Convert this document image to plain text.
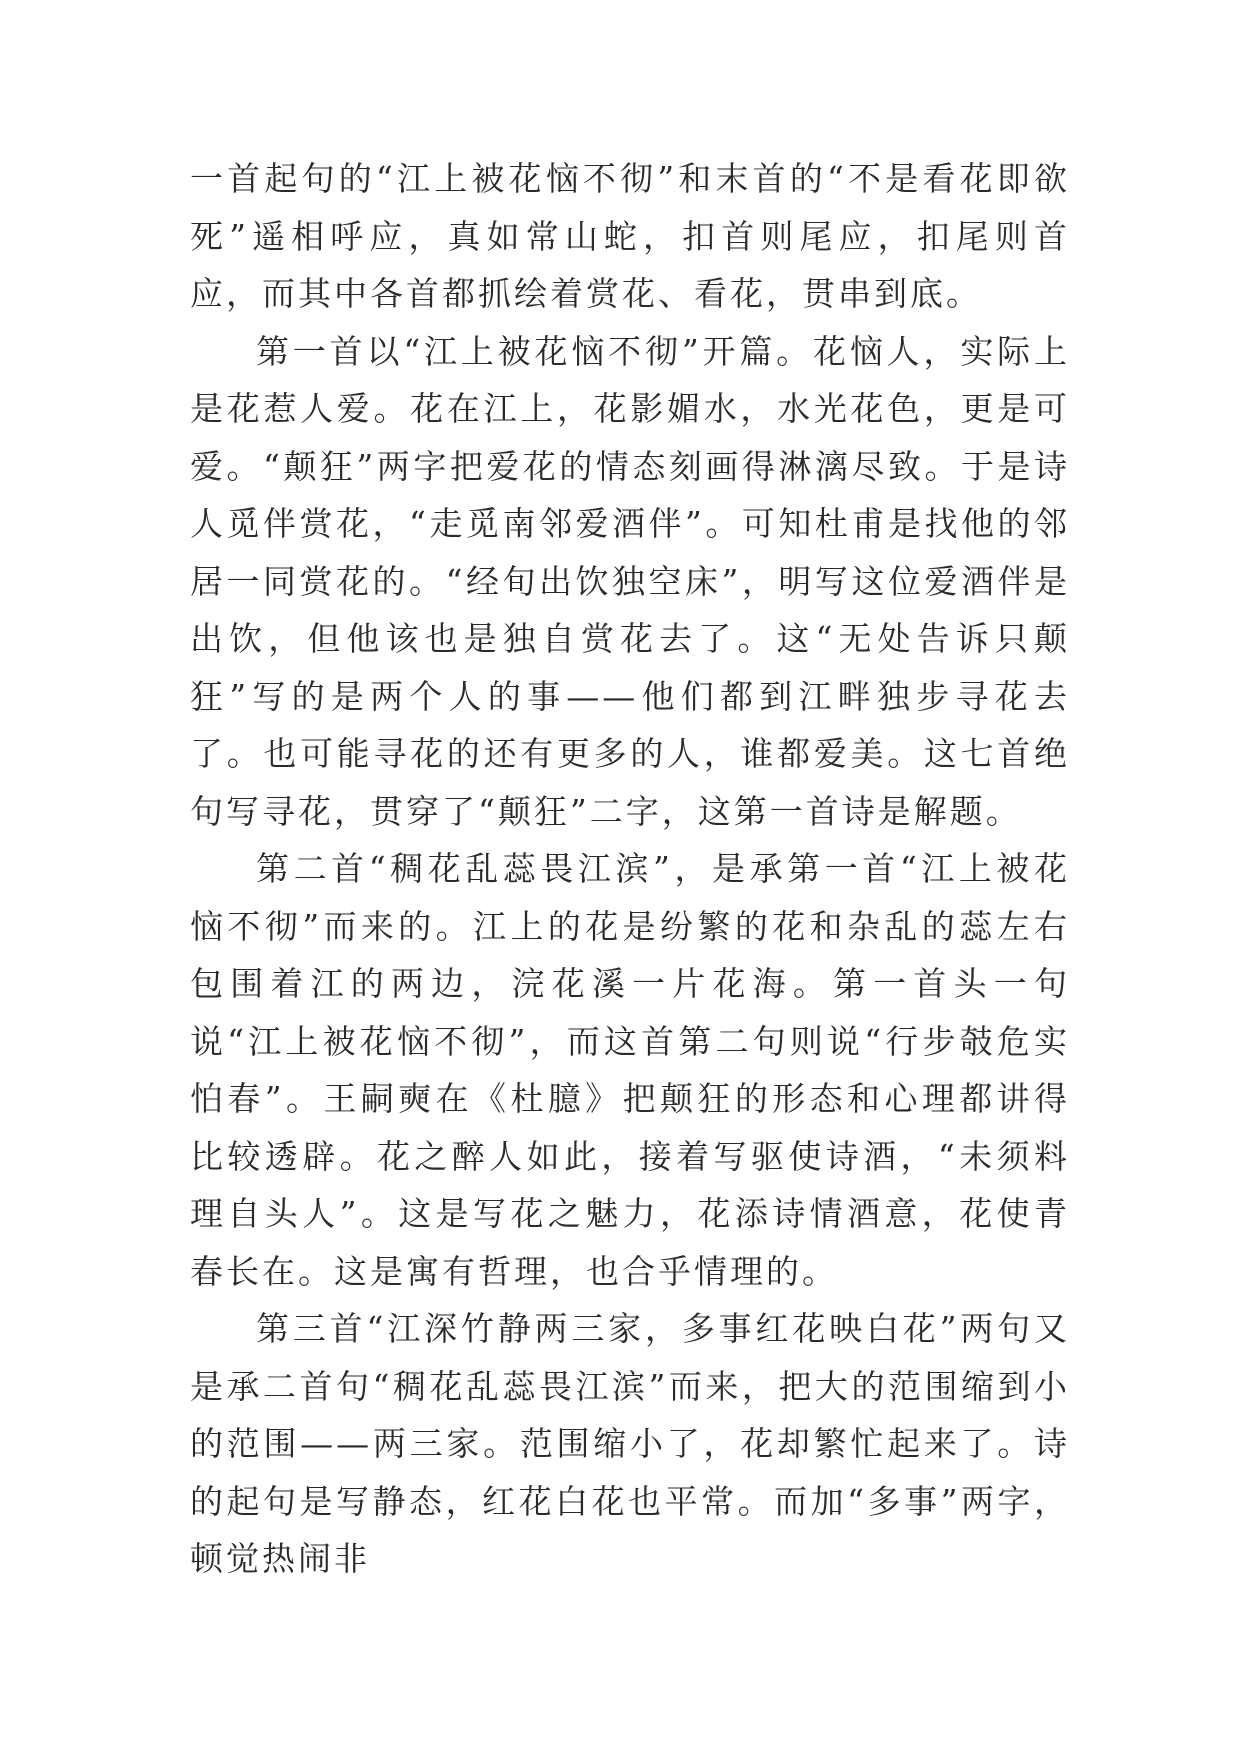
一首起句的“江上被花恼不彻”和末首的“不是看花即欲死”遥相呼应，真如常山蛇，扣首则尾应，扣尾则首应，而其中各首都抓绘着赏花、看花，贯串到底。

第一首以“江上被花恼不彻”开篇。花恼人，实际上是花惹人爱。花在江上，花影媚水，水光花色，更是可爱。“颠狂”两字把爱花的情态刻画得淋漓尽致。于是诗人觅伴赏花，“走觅南邻爱酒伴”。可知杜甫是找他的邻居一同赏花的。“经旬出饮独空床”，明写这位爱酒伴是出饮，但他该也是独自赏花去了。这“无处告诉只颠狂”写的是两个人的事——他们都到江畔独步寻花去了。也可能寻花的还有更多的人，谁都爱美。这七首绝句写寻花，贯穿了“颠狂”二字，这第一首诗是解题。

第二首“稠花乱蕊畏江滨”，是承第一首“江上被花恼不彻”而来的。江上的花是纷繁的花和杂乱的蕊左右包围着江的两边，浣花溪一片花海。第一首头一句说“江上被花恼不彻”，而这首第二句则说“行步攲危实怕春”。王嗣奭在《杜臆》把颠狂的形态和心理都讲得比较透辟。花之醉人如此，接着写驱使诗酒，“未须料理自头人”。这是写花之魅力，花添诗情酒意，花使青春长在。这是寓有哲理，也合乎情理的。

第三首“江深竹静两三家，多事红花映白花”两句又是承二首句“稠花乱蕊畏江滨”而来，把大的范围缩到小的范围——两三家。范围缩小了，花却繁忙起来了。诗的起句是写静态，红花白花也平常。而加“多事”两字，顿觉热闹非
